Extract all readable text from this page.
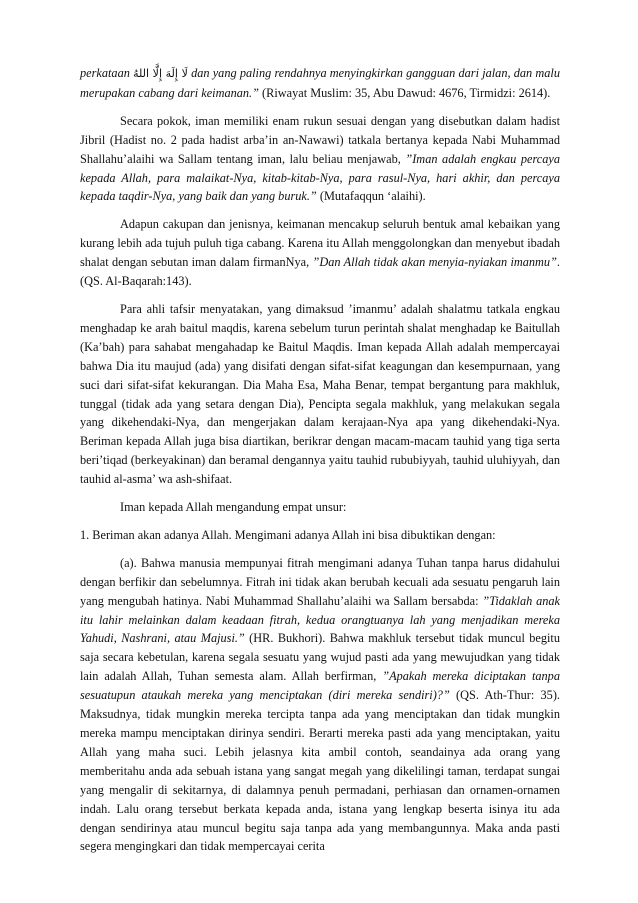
perkataan لَا إِلَهَ إِلَّا اللهُ dan yang paling rendahnya menyingkirkan gangguan dari jalan, dan malu merupakan cabang dari keimanan.” (Riwayat Muslim: 35, Abu Dawud: 4676, Tirmidzi: 2614).

Secara pokok, iman memiliki enam rukun sesuai dengan yang disebutkan dalam hadist Jibril (Hadist no. 2 pada hadist arba’in an-Nawawi) tatkala bertanya kepada Nabi Muhammad Shallahu’alaihi wa Sallam tentang iman, lalu beliau menjawab, ”Iman adalah engkau percaya kepada Allah, para malaikat-Nya, kitab-kitab-Nya, para rasul-Nya, hari akhir, dan percaya kepada taqdir-Nya, yang baik dan yang buruk.” (Mutafaqqun ‘alaihi).

Adapun cakupan dan jenisnya, keimanan mencakup seluruh bentuk amal kebaikan yang kurang lebih ada tujuh puluh tiga cabang. Karena itu Allah menggolongkan dan menyebut ibadah shalat dengan sebutan iman dalam firmanNya, ”Dan Allah tidak akan menyia-nyiakan imanmu”. (QS. Al-Baqarah:143).

Para ahli tafsir menyatakan, yang dimaksud ’imanmu’ adalah shalatmu tatkala engkau menghadap ke arah baitul maqdis, karena sebelum turun perintah shalat menghadap ke Baitullah (Ka’bah) para sahabat mengahadap ke Baitul Maqdis. Iman kepada Allah adalah mempercayai bahwa Dia itu maujud (ada) yang disifati dengan sifat-sifat keagungan dan kesempurnaan, yang suci dari sifat-sifat kekurangan. Dia Maha Esa, Maha Benar, tempat bergantung para makhluk, tunggal (tidak ada yang setara dengan Dia), Pencipta segala makhluk, yang melakukan segala yang dikehendaki-Nya, dan mengerjakan dalam kerajaan-Nya apa yang dikehendaki-Nya. Beriman kepada Allah juga bisa diartikan, berikrar dengan macam-macam tauhid yang tiga serta beri’tiqad (berkeyakinan) dan beramal dengannya yaitu tauhid rububiyyah, tauhid uluhiyyah, dan tauhid al-asma’ wa ash-shifaat.

Iman kepada Allah mengandung empat unsur:

1. Beriman akan adanya Allah. Mengimani adanya Allah ini bisa dibuktikan dengan:

(a). Bahwa manusia mempunyai fitrah mengimani adanya Tuhan tanpa harus didahului dengan berfikir dan sebelumnya. Fitrah ini tidak akan berubah kecuali ada sesuatu pengaruh lain yang mengubah hatinya. Nabi Muhammad Shallahu’alaihi wa Sallam bersabda: ”Tidaklah anak itu lahir melainkan dalam keadaan fitrah, kedua orangtuanya lah yang menjadikan mereka Yahudi, Nashrani, atau Majusi.” (HR. Bukhori). Bahwa makhluk tersebut tidak muncul begitu saja secara kebetulan, karena segala sesuatu yang wujud pasti ada yang mewujudkan yang tidak lain adalah Allah, Tuhan semesta alam. Allah berfirman, ”Apakah mereka diciptakan tanpa sesuatupun ataukah mereka yang menciptakan (diri mereka sendiri)?” (QS. Ath-Thur: 35). Maksudnya, tidak mungkin mereka tercipta tanpa ada yang menciptakan dan tidak mungkin mereka mampu menciptakan dirinya sendiri. Berarti mereka pasti ada yang menciptakan, yaitu Allah yang maha suci. Lebih jelasnya kita ambil contoh, seandainya ada orang yang memberitahu anda ada sebuah istana yang sangat megah yang dikelilingi taman, terdapat sungai yang mengalir di sekitarnya, di dalamnya penuh permadani, perhiasan dan ornamen-ornamen indah. Lalu orang tersebut berkata kepada anda, istana yang lengkap beserta isinya itu ada dengan sendirinya atau muncul begitu saja tanpa ada yang membangunnya. Maka anda pasti segera mengingkari dan tidak mempercayai cerita
